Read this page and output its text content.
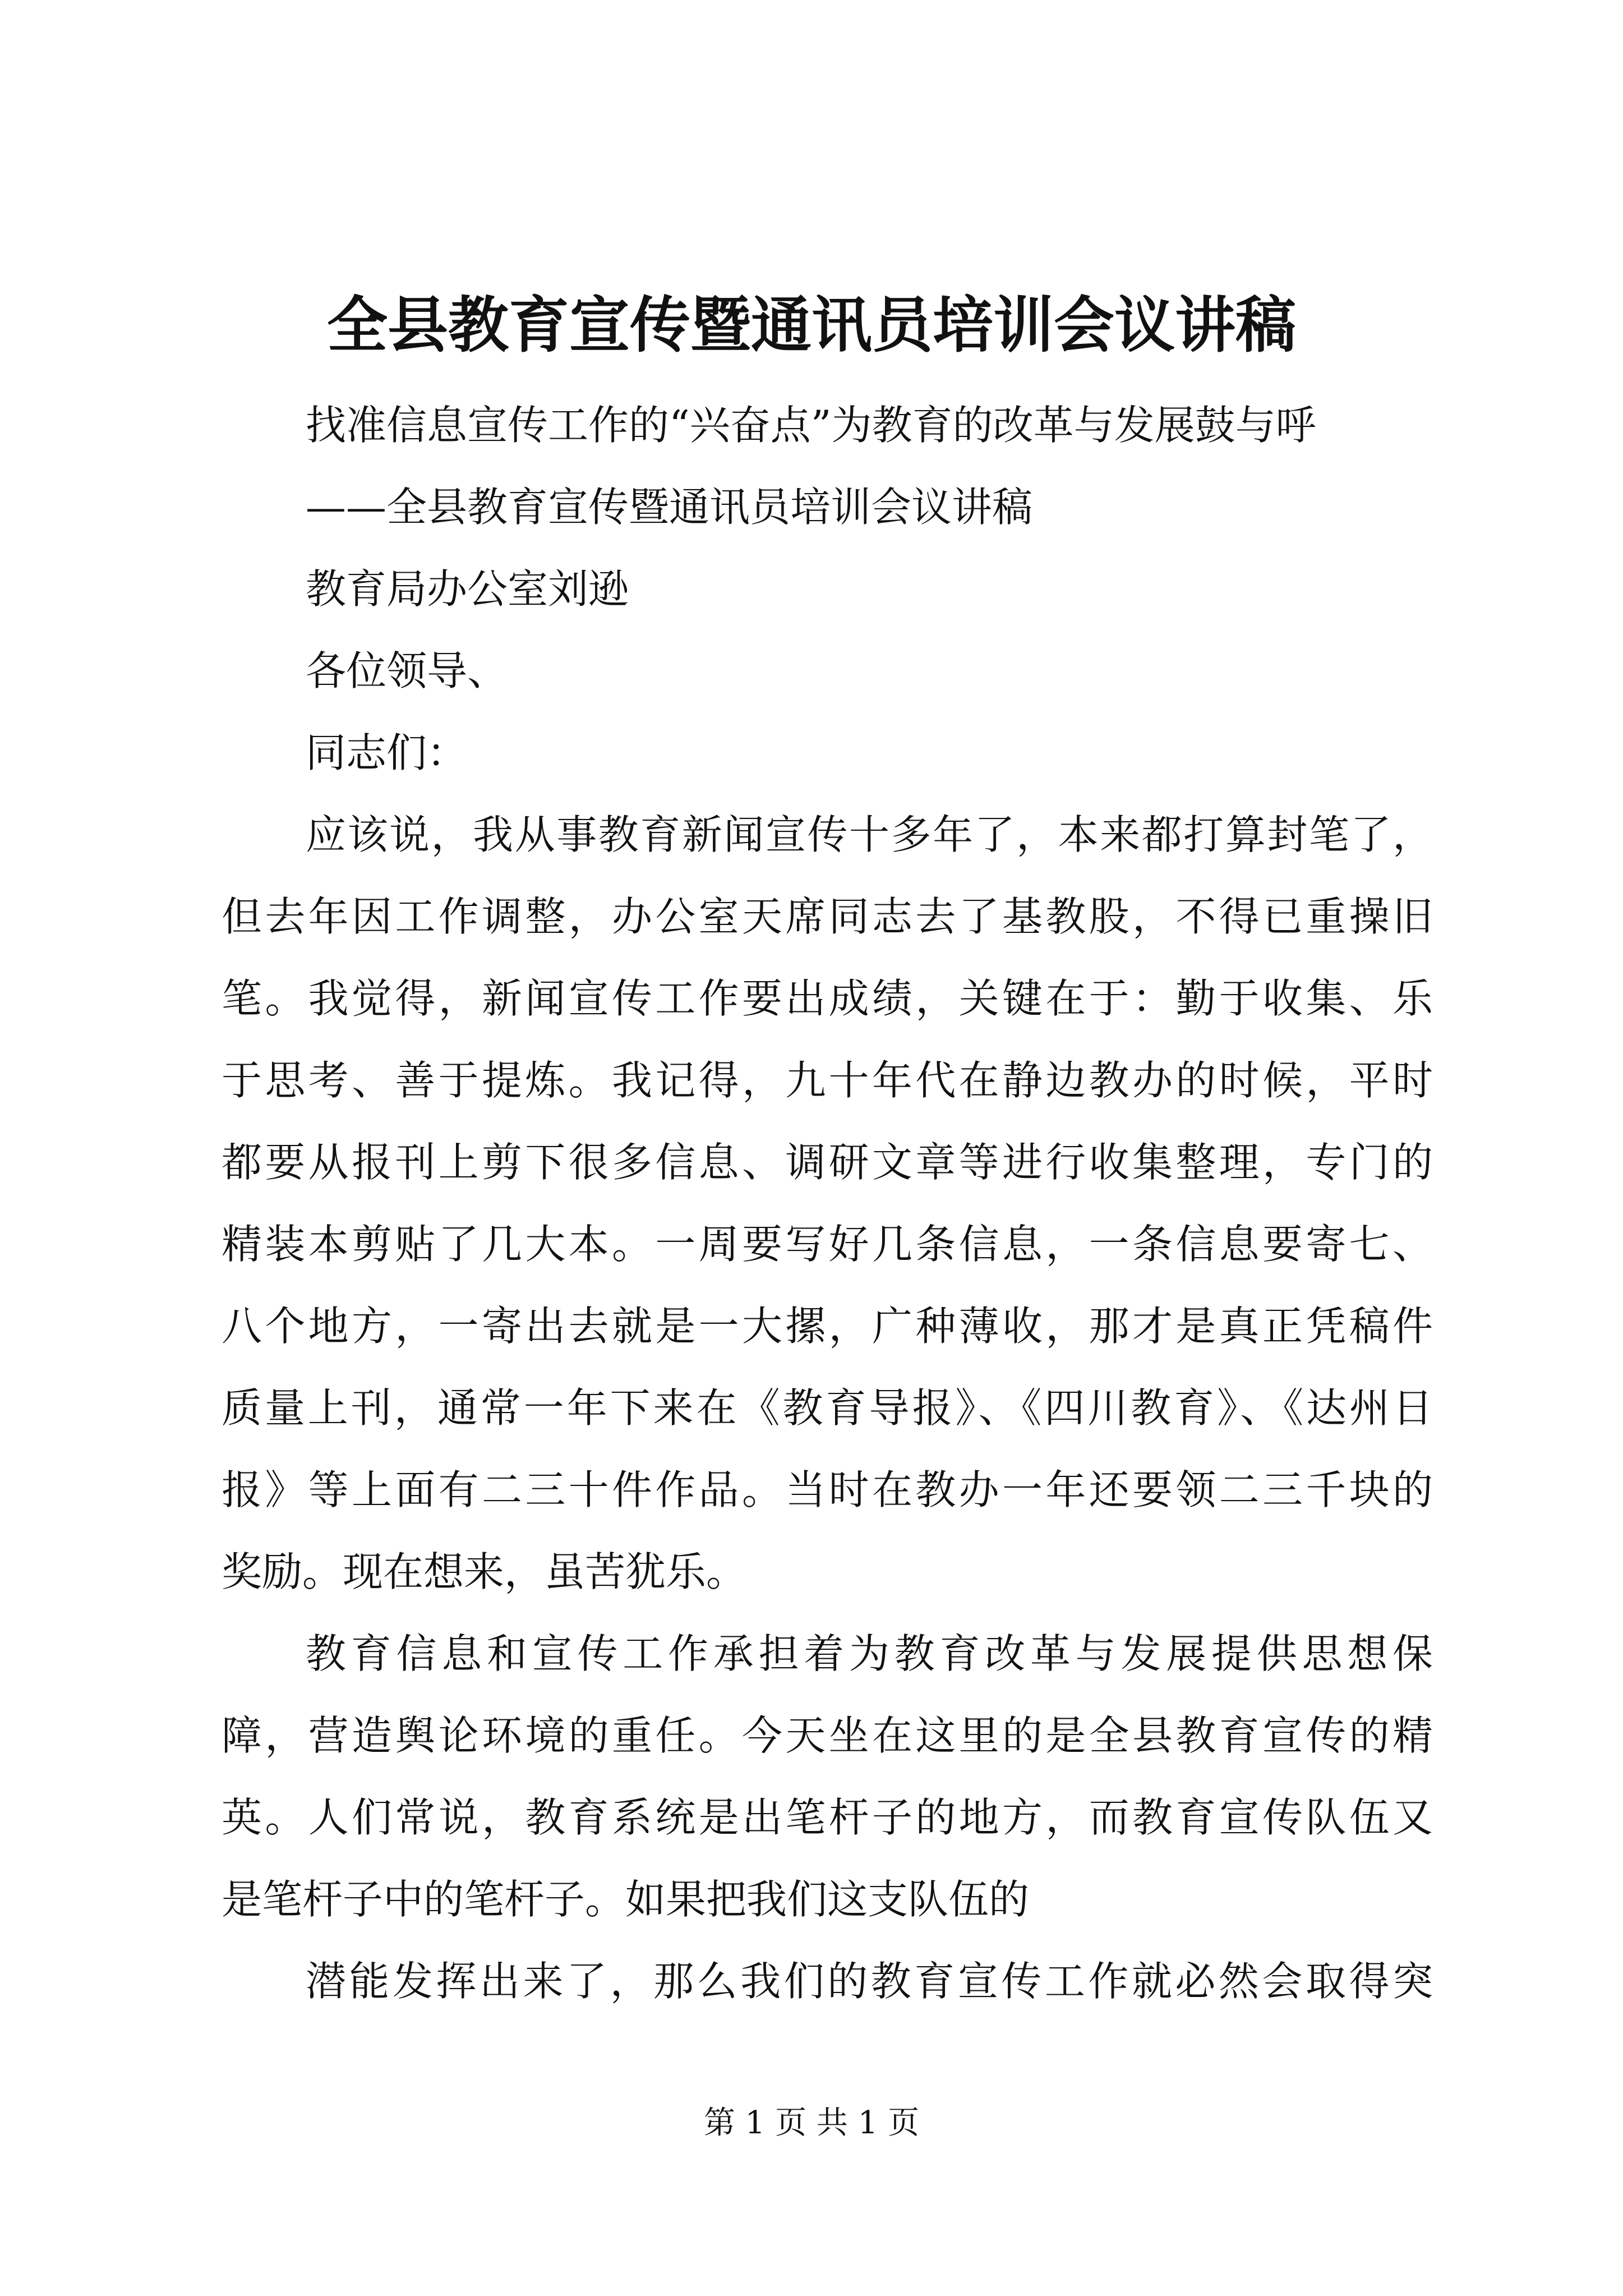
全县教育宣传暨通讯员培训会议讲稿
找准信息宣传工作的“兴奋点”为教育的改革与发展鼓与呼
——全县教育宣传暨通讯员培训会议讲稿
教育局办公室刘逊
各位领导、
同志们：
应该说，我从事教育新闻宣传十多年了，本来都打算封笔了，
但去年因工作调整，办公室天席同志去了基教股，不得已重操旧
笔。我觉得，新闻宣传工作要出成绩，关键在于：勤于收集、乐
于思考、善于提炼。我记得，九十年代在静边教办的时候，平时
都要从报刊上剪下很多信息、调研文章等进行收集整理，专门的
精装本剪贴了几大本。一周要写好几条信息，一条信息要寄七、
八个地方，一寄出去就是一大摞，广种薄收，那才是真正凭稿件
质量上刊，通常一年下来在《教育导报》、《四川教育》、《达州日
报》等上面有二三十件作品。当时在教办一年还要领二三千块的
奖励。现在想来，虽苦犹乐。
教育信息和宣传工作承担着为教育改革与发展提供思想保
障，营造舆论环境的重任。今天坐在这里的是全县教育宣传的精
英。人们常说，教育系统是出笔杆子的地方，而教育宣传队伍又
是笔杆子中的笔杆子。如果把我们这支队伍的
潜能发挥出来了，那么我们的教育宣传工作就必然会取得突
第 1 页 共 1 页
